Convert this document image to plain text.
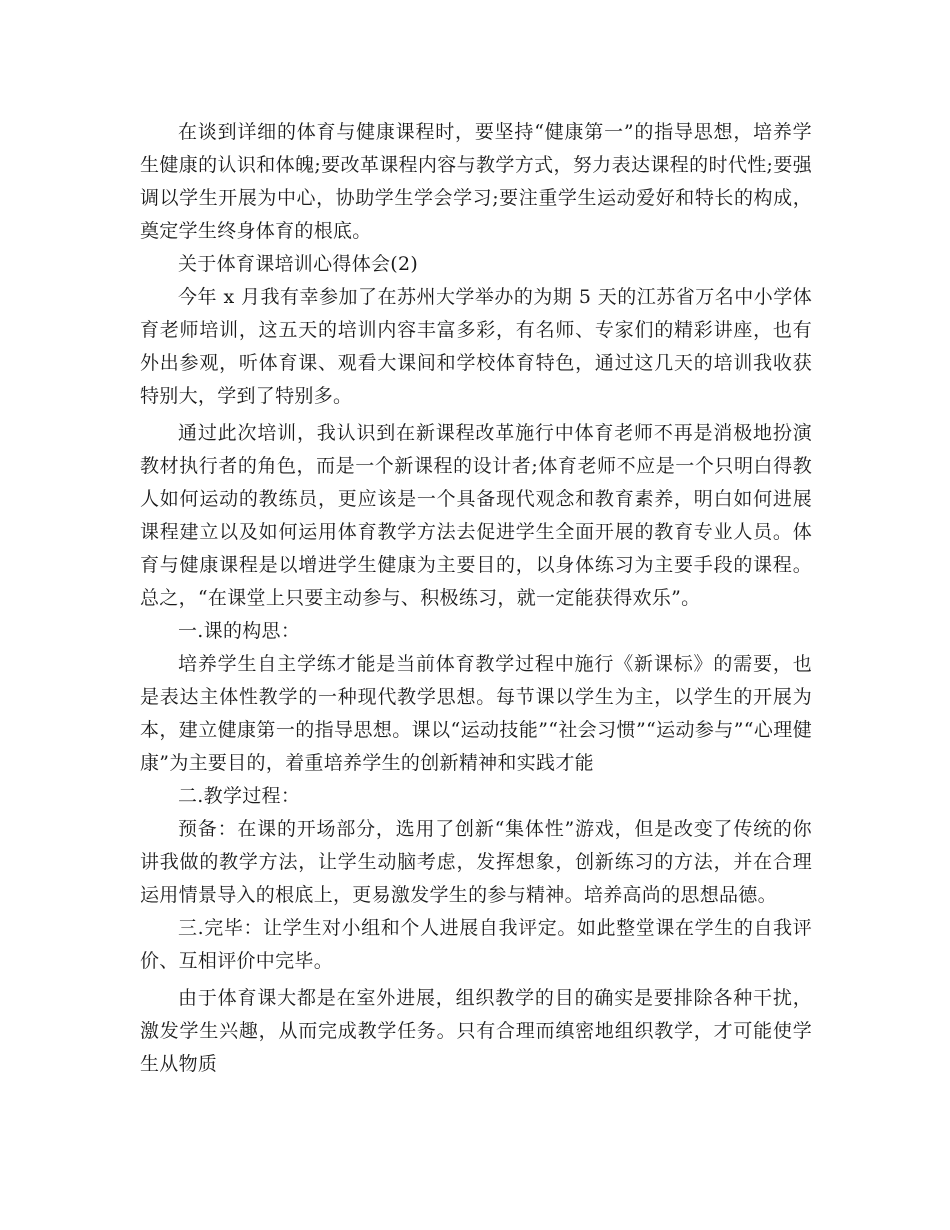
在谈到详细的体育与健康课程时，要坚持“健康第一”的指导思想，培养学生健康的认识和体魄;要改革课程内容与教学方式，努力表达课程的时代性;要强调以学生开展为中心，协助学生学会学习;要注重学生运动爱好和特长的构成，奠定学生终身体育的根底。

关于体育课培训心得体会(2)

今年 x 月我有幸参加了在苏州大学举办的为期 5 天的江苏省万名中小学体育老师培训，这五天的培训内容丰富多彩，有名师、专家们的精彩讲座，也有外出参观，听体育课、观看大课间和学校体育特色，通过这几天的培训我收获特别大，学到了特别多。

通过此次培训，我认识到在新课程改革施行中体育老师不再是消极地扮演教材执行者的角色，而是一个新课程的设计者;体育老师不应是一个只明白得教人如何运动的教练员，更应该是一个具备现代观念和教育素养，明白如何进展课程建立以及如何运用体育教学方法去促进学生全面开展的教育专业人员。体育与健康课程是以增进学生健康为主要目的，以身体练习为主要手段的课程。总之，“在课堂上只要主动参与、积极练习，就一定能获得欢乐”。

一.课的构思：

培养学生自主学练才能是当前体育教学过程中施行《新课标》的需要，也是表达主体性教学的一种现代教学思想。每节课以学生为主，以学生的开展为本，建立健康第一的指导思想。课以“运动技能”“社会习惯”“运动参与”“心理健康”为主要目的，着重培养学生的创新精神和实践才能

二.教学过程：

预备：在课的开场部分，选用了创新“集体性”游戏，但是改变了传统的你讲我做的教学方法，让学生动脑考虑，发挥想象，创新练习的方法，并在合理运用情景导入的根底上，更易激发学生的参与精神。培养高尚的思想品德。

三.完毕：让学生对小组和个人进展自我评定。如此整堂课在学生的自我评价、互相评价中完毕。

由于体育课大都是在室外进展，组织教学的目的确实是要排除各种干扰，激发学生兴趣，从而完成教学任务。只有合理而缜密地组织教学，才可能使学生从物质
